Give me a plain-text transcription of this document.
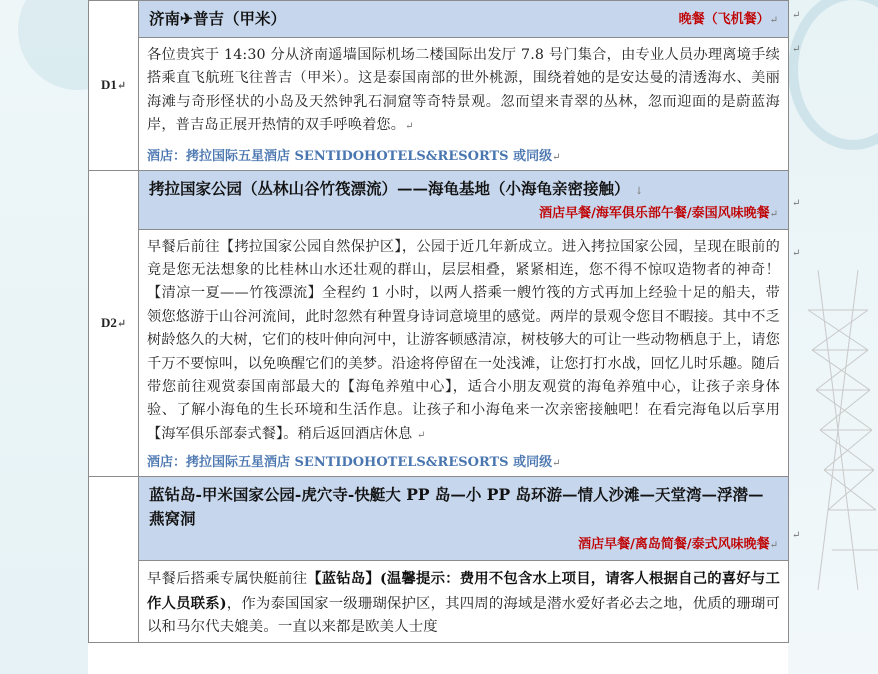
D1↵	济南✈普吉（甲米） 晚餐（飞机餐）↵

	各位贵宾于 14:30 分从济南遥墙国际机场二楼国际出发厅 7.8 号门集合，由专业人员办理离境手续搭乘直飞航班飞往普吉（甲米）。这是泰国南部的世外桃源，围绕着她的是安达曼的清透海水、美丽海滩与奇形怪状的小岛及天然钟乳石洞窟等奇特景观。忽而望来青翠的丛林，忽而迎面的是蔚蓝海岸，普吉岛正展开热情的双手呼唤着您。↵
酒店：拷拉国际五星酒店 SENTIDOHOTELS&RESORTS 或同级↵

D2↵	拷拉国家公园（丛林山谷竹筏漂流）——海龟基地（小海龟亲密接触） ↓
酒店早餐/海军俱乐部午餐/泰国风味晚餐↵

	早餐后前往【拷拉国家公园自然保护区】，公园于近几年新成立。进入拷拉国家公园，呈现在眼前的竟是您无法想象的比桂林山水还壮观的群山，层层相叠，紧紧相连，您不得不惊叹造物者的神奇！【清凉一夏——竹筏漂流】全程约 1 小时，以两人搭乘一艘竹筏的方式再加上经验十足的船夫，带领您悠游于山谷河流间，此时忽然有种置身诗词意境里的感觉。两岸的景观令您目不暇接。其中不乏树龄悠久的大树，它们的枝叶伸向河中，让游客顿感清凉，树枝够大的可让一些动物栖息于上，请您千万不要惊叫，以免唤醒它们的美梦。沿途将停留在一处浅滩，让您打打水战，回忆儿时乐趣。随后带您前往观赏泰国南部最大的【海龟养殖中心】，适合小朋友观赏的海龟养殖中心，让孩子亲身体验、了解小海龟的生长环境和生活作息。让孩子和小海龟来一次亲密接触吧！在看完海龟以后享用【海军俱乐部泰式餐】。稍后返回酒店休息 ↵
酒店：拷拉国际五星酒店 SENTIDOHOTELS&RESORTS 或同级↵

	蓝钻岛-甲米国家公园-虎穴寺-快艇大 PP 岛—小 PP 岛环游—情人沙滩—天堂湾—浮潜—燕窝洞
酒店早餐/离岛简餐/泰式风味晚餐↵

	早餐后搭乘专属快艇前往【蓝钻岛】(温馨提示：费用不包含水上项目，请客人根据自己的喜好与工作人员联系)，作为泰国国家一级珊瑚保护区，其四周的海域是潜水爱好者必去之地，优质的珊瑚可以和马尔代夫媲美。一直以来都是欧美人士度
↵
↵
↵
↵
↵
